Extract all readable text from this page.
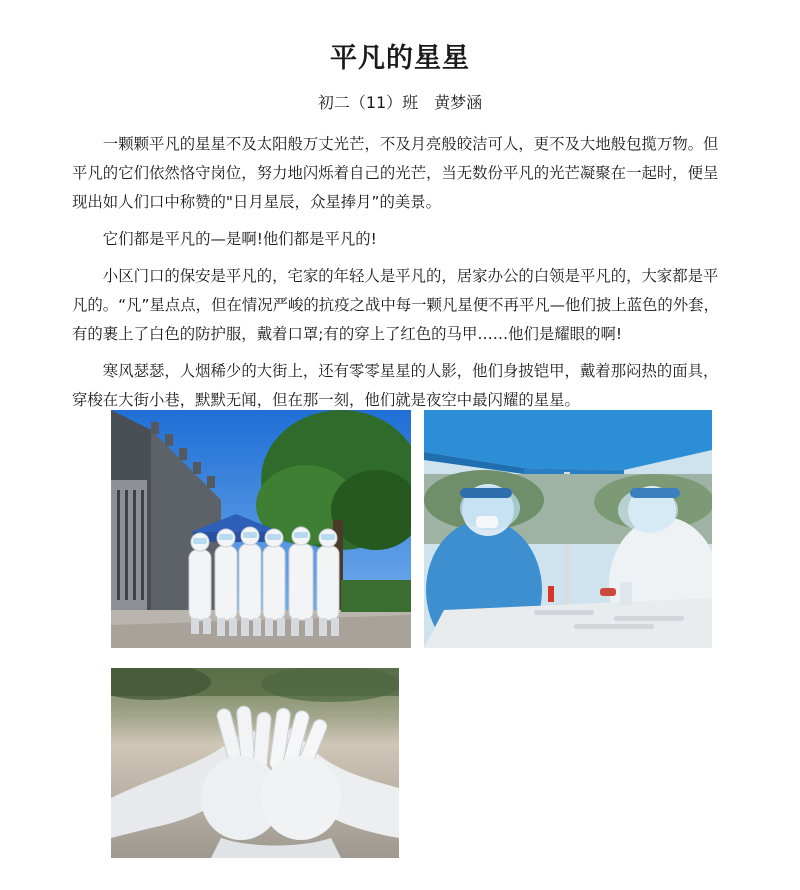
平凡的星星
初二（11）班　黄梦涵

一颗颗平凡的星星不及太阳般万丈光芒，不及月亮般皎洁可人，更不及大地般包揽万物。但平凡的它们依然恪守岗位，努力地闪烁着自己的光芒，当无数份平凡的光芒凝聚在一起时，便呈现出如人们口中称赞的"日月星辰，众星捧月”的美景。

它们都是平凡的—是啊!他们都是平凡的!

小区门口的保安是平凡的，宅家的年轻人是平凡的，居家办公的白领是平凡的，大家都是平凡的。“凡”星点点，但在情况严峻的抗疫之战中每一颗凡星便不再平凡—他们披上蓝色的外套，有的裹上了白色的防护服，戴着口罩;有的穿上了红色的马甲……他们是耀眼的啊!

寒风瑟瑟，人烟稀少的大街上，还有零零星星的人影，他们身披铠甲，戴着那闷热的面具，穿梭在大街小巷，默默无闻，但在那一刻，他们就是夜空中最闪耀的星星。
